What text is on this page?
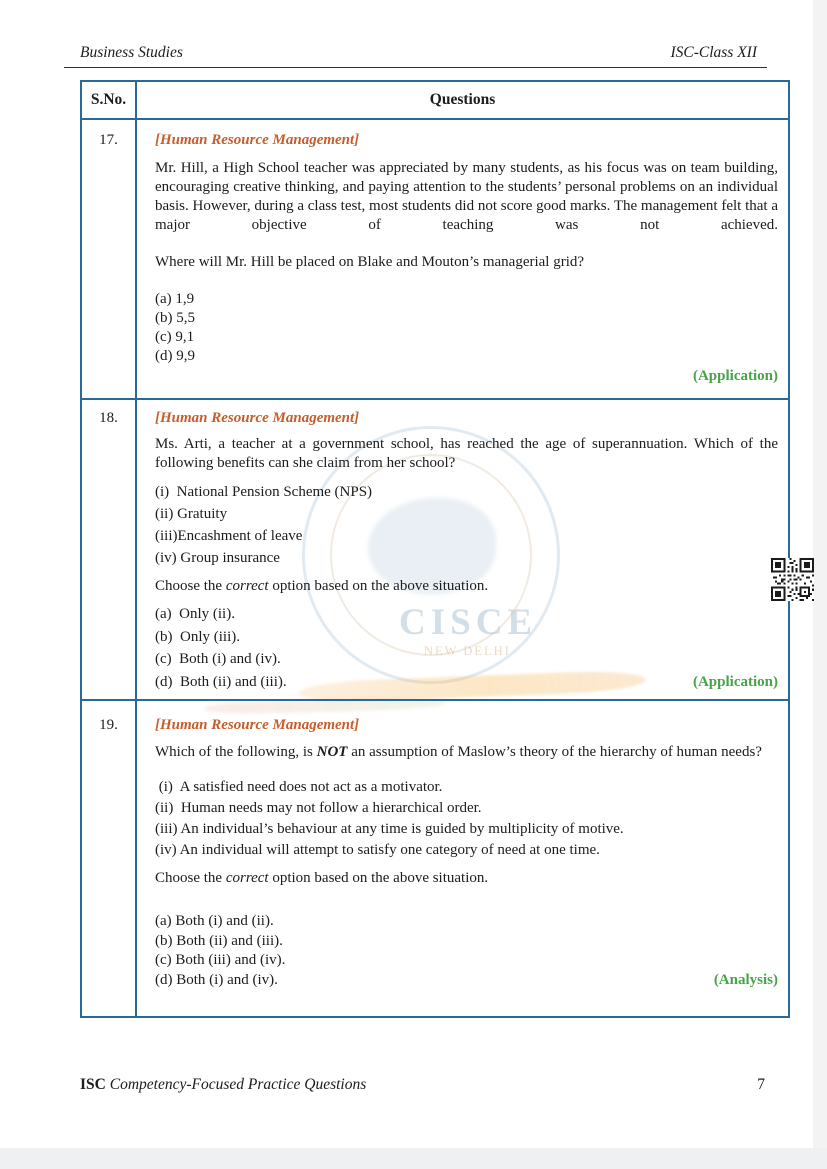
CISCE
NEW DELHI
Business Studies	ISC-Class XII
S.No.	Questions
17.	[Human Resource Management]
Mr. Hill, a High School teacher was appreciated by many students, as his focus was on team building, encouraging creative thinking, and paying attention to the students’ personal problems on an individual basis. However, during a class test, most students did not score good marks. The management felt that a major objective of teaching was not achieved.
Where will Mr. Hill be placed on Blake and Mouton’s managerial grid?
(a) 1,9
(b) 5,5
(c) 9,1
(d) 9,9
(Application)
18.	[Human Resource Management]
Ms. Arti, a teacher at a government school, has reached the age of superannuation. Which of the following benefits can she claim from her school?
(i)  National Pension Scheme (NPS)
(ii) Gratuity
(iii)Encashment of leave
(iv) Group insurance
Choose the correct option based on the above situation.
(a)  Only (ii).
(b)  Only (iii).
(c)  Both (i) and (iv).
(d)  Both (ii) and (iii).	(Application)
19.	[Human Resource Management]
Which of the following, is NOT an assumption of Maslow’s theory of the hierarchy of human needs?
(i)  A satisfied need does not act as a motivator.
(ii)  Human needs may not follow a hierarchical order.
(iii) An individual’s behaviour at any time is guided by multiplicity of motive.
(iv) An individual will attempt to satisfy one category of need at one time.
Choose the correct option based on the above situation.
(a) Both (i) and (ii).
(b) Both (ii) and (iii).
(c) Both (iii) and (iv).
(d) Both (i) and (iv).	(Analysis)
ISC Competency-Focused Practice Questions	7
